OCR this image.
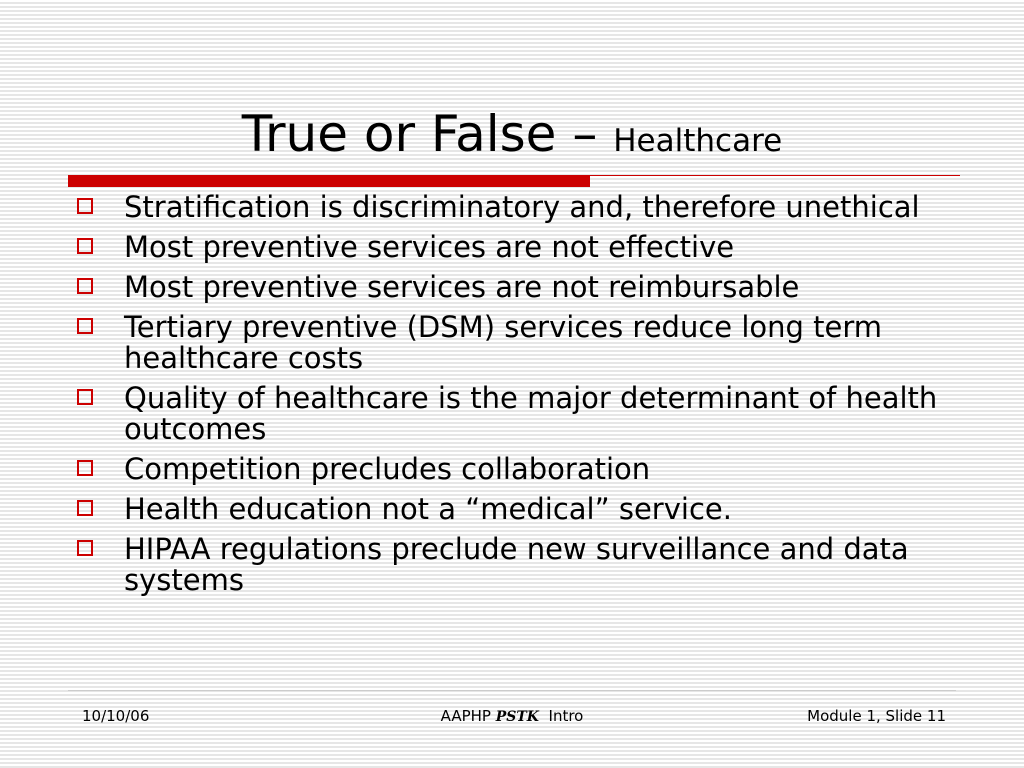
True or False – Healthcare
Stratification is discriminatory and, therefore unethical
Most preventive services are not effective
Most preventive services are not reimbursable
Tertiary preventive (DSM) services reduce long term healthcare costs
Quality of healthcare is the major determinant of health outcomes
Competition precludes collaboration
Health education not a “medical” service.
HIPAA regulations preclude new surveillance and data systems
10/10/06	AAPHP PSTK Intro	Module 1, Slide 11
